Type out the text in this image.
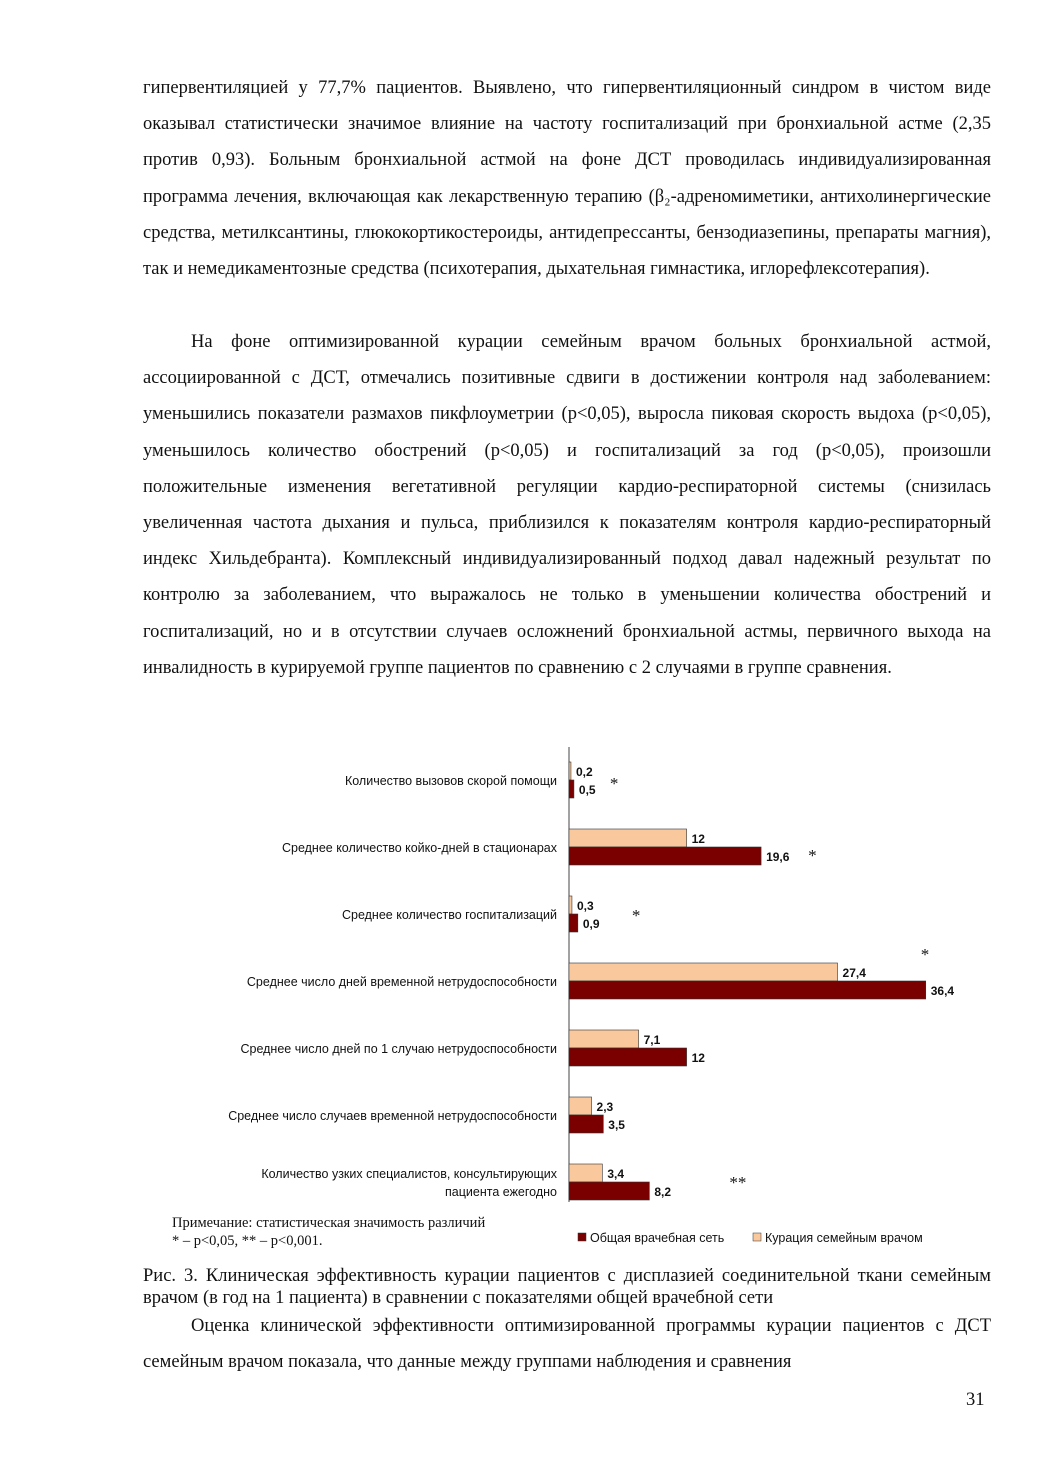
гипервентиляцией у 77,7% пациентов. Выявлено, что гипервентиляционный синдром в чистом виде оказывал статистически значимое влияние на частоту госпитализаций при бронхиальной астме (2,35 против 0,93). Больным бронхиальной астмой на фоне ДСТ проводилась индивидуализированная программа лечения, включающая как лекарственную терапию (β₂-адреномиметики, антихолинергические средства, метилксантины, глюкокортикостероиды, антидепрессанты, бензодиазепины, препараты магния), так и немедикаментозные средства (психотерапия, дыхательная гимнастика, иглорефлексотерапия).

На фоне оптимизированной курации семейным врачом больных бронхиальной астмой, ассоциированной с ДСТ, отмечались позитивные сдвиги в достижении контроля над заболеванием: уменьшились показатели размахов пикфлоуметрии (p<0,05), выросла пиковая скорость выдоха (p<0,05), уменьшилось количество обострений (p<0,05) и госпитализаций за год (p<0,05), произошли положительные изменения вегетативной регуляции кардио-респираторной системы (снизилась увеличенная частота дыхания и пульса, приблизился к показателям контроля кардио-респираторный индекс Хильдебранта). Комплексный индивидуализированный подход давал надежный результат по контролю за заболеванием, что выражалось не только в уменьшении количества обострений и госпитализаций, но и в отсутствии случаев осложнений бронхиальной астмы, первичного выхода на инвалидность в курируемой группе пациентов по сравнению с 2 случаями в группе сравнения.

Количество вызовов скорой помощи
0,2
0,5 *
Среднее количество койко-дней в стационарах
12
19,6 *
Среднее количество госпитализаций
0,3
0,9 *
Среднее число дней временной нетрудоспособности
27,4
36,4
*
Среднее число дней по 1 случаю нетрудоспособности
7,1
12
Среднее число случаев временной нетрудоспособности
2,3
3,5
Количество узких специалистов, консультирующих пациента ежегодно
3,4
8,2	**
Общая врачебная сеть	Курация семейным врачом

Примечание: статистическая значимость различий
* – p<0,05, ** – p<0,001.

Рис. 3. Клиническая эффективность курации пациентов с дисплазией соединительной ткани семейным врачом (в год на 1 пациента) в сравнении с показателями общей врачебной сети

Оценка клинической эффективности оптимизированной программы курации пациентов с ДСТ семейным врачом показала, что данные между группами наблюдения и сравнения

31
